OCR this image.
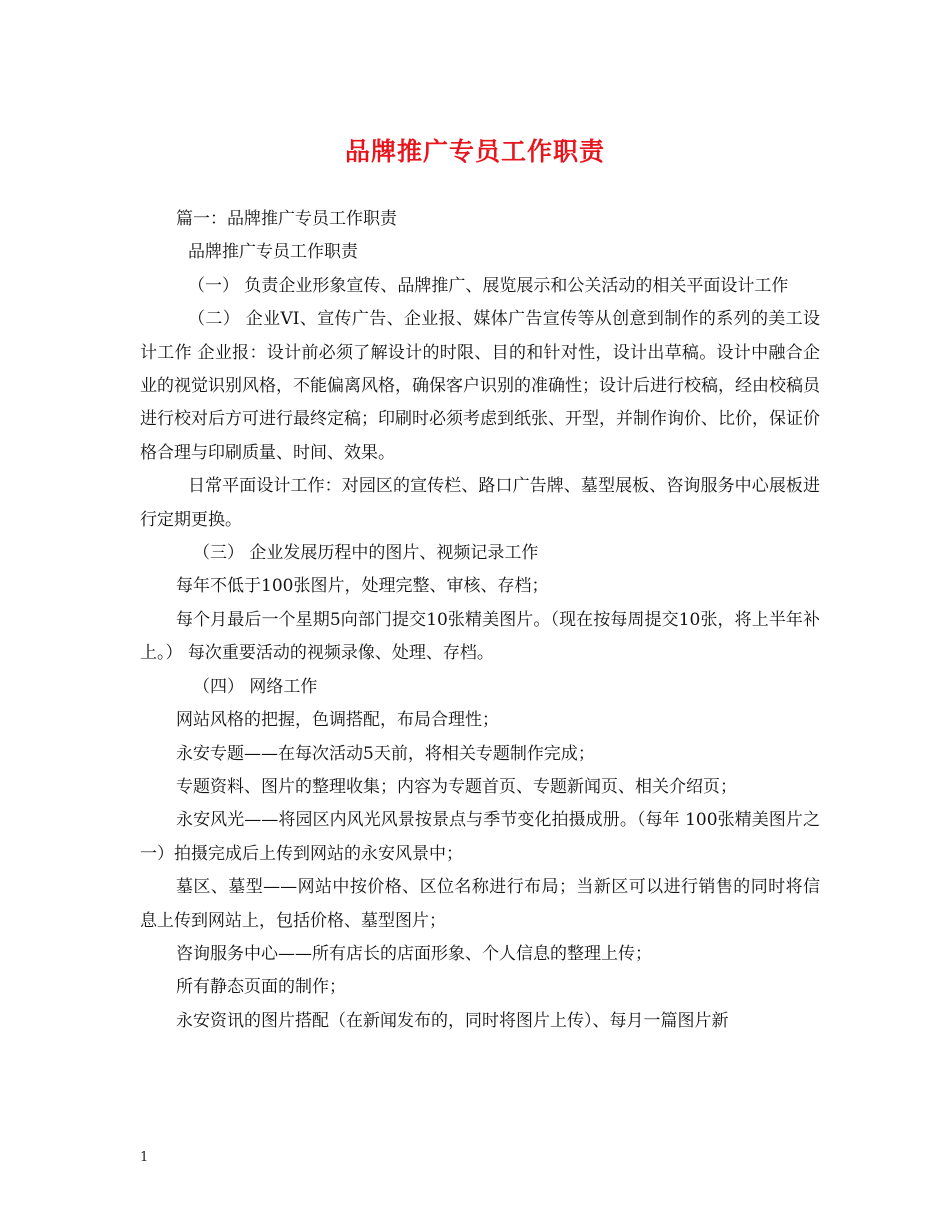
品牌推广专员工作职责

篇一：品牌推广专员工作职责

品牌推广专员工作职责

（一） 负责企业形象宣传、品牌推广、展览展示和公关活动的相关平面设计工作

（二） 企业VI、宣传广告、企业报、媒体广告宣传等从创意到制作的系列的美工设计工作 企业报：设计前必须了解设计的时限、目的和针对性，设计出草稿。设计中融合企业的视觉识别风格，不能偏离风格，确保客户识别的准确性；设计后进行校稿，经由校稿员进行校对后方可进行最终定稿；印刷时必须考虑到纸张、开型，并制作询价、比价，保证价格合理与印刷质量、时间、效果。

日常平面设计工作：对园区的宣传栏、路口广告牌、墓型展板、咨询服务中心展板进行定期更换。

（三） 企业发展历程中的图片、视频记录工作

每年不低于100张图片，处理完整、审核、存档；

每个月最后一个星期5向部门提交10张精美图片。（现在按每周提交10张，将上半年补上。） 每次重要活动的视频录像、处理、存档。

（四） 网络工作

网站风格的把握，色调搭配，布局合理性；

永安专题——在每次活动5天前，将相关专题制作完成；

专题资料、图片的整理收集；内容为专题首页、专题新闻页、相关介绍页；

永安风光——将园区内风光风景按景点与季节变化拍摄成册。（每年 100张精美图片之一）拍摄完成后上传到网站的永安风景中；

墓区、墓型——网站中按价格、区位名称进行布局；当新区可以进行销售的同时将信息上传到网站上，包括价格、墓型图片；

咨询服务中心——所有店长的店面形象、个人信息的整理上传；

所有静态页面的制作；

永安资讯的图片搭配（在新闻发布的，同时将图片上传）、每月一篇图片新

1
